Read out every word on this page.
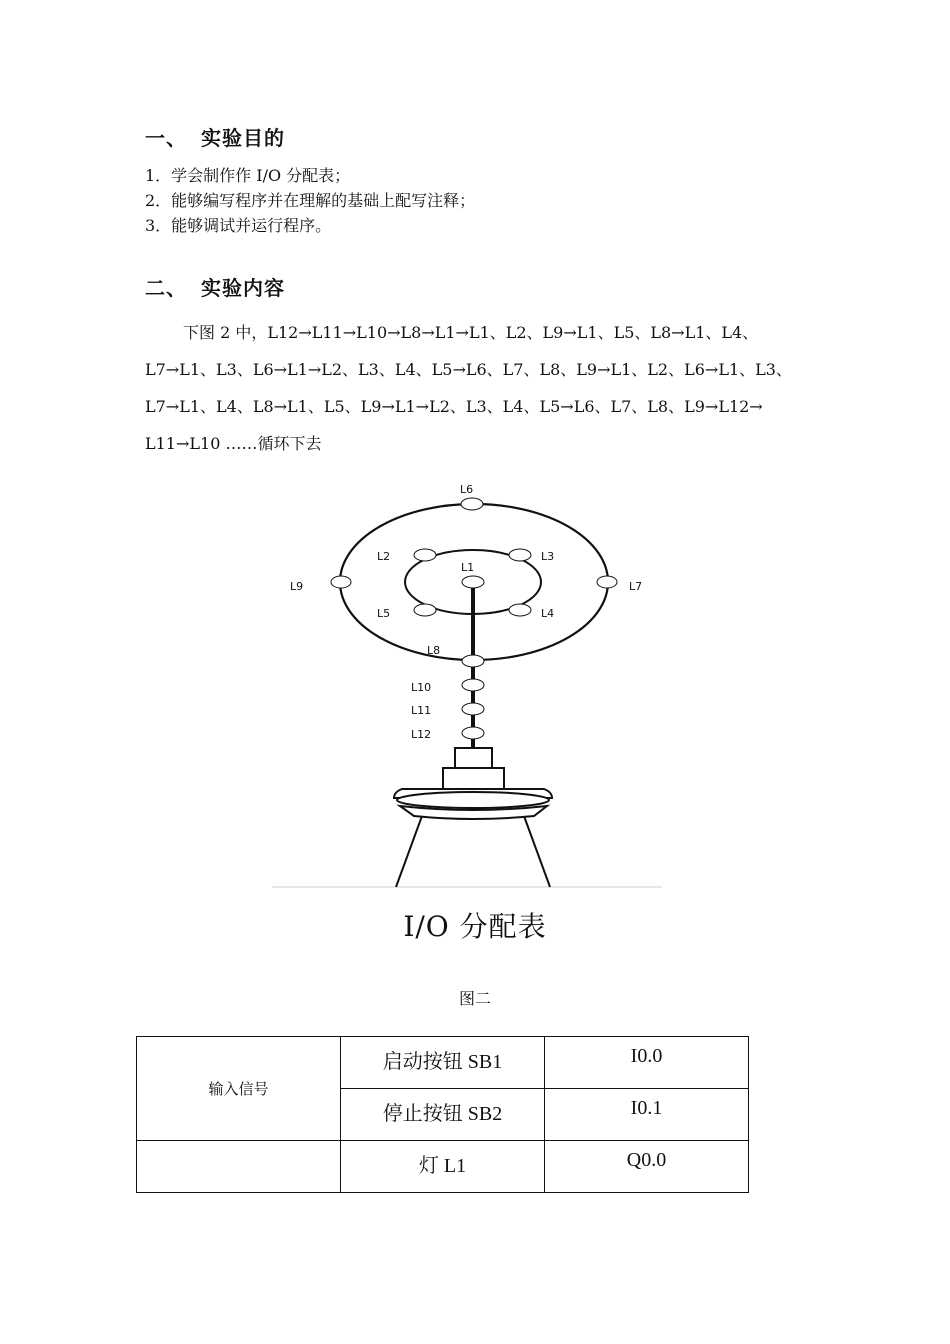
一、 实验目的
1．学会制作作 I/O 分配表；
2．能够编写程序并在理解的基础上配写注释；
3．能够调试并运行程序。
二、 实验内容
下图 2 中，L12→L11→L10→L8→L1→L1、L2、L9→L1、L5、L8→L1、L4、
L7→L1、L3、L6→L1→L2、L3、L4、L5→L6、L7、L8、L9→L1、L2、L6→L1、L3、
L7→L1、L4、L8→L1、L5、L9→L1→L2、L3、L4、L5→L6、L7、L8、L9→L12→
L11→L10 ……循环下去
L6
L2	L3
L1
L9	L7
L5	L4
L8
L10
L11
L12
I/O 分配表
图二
输入信号	启动按钮 SB1	I0.0

	停止按钮 SB2	I0.1

	灯 L1	Q0.0
